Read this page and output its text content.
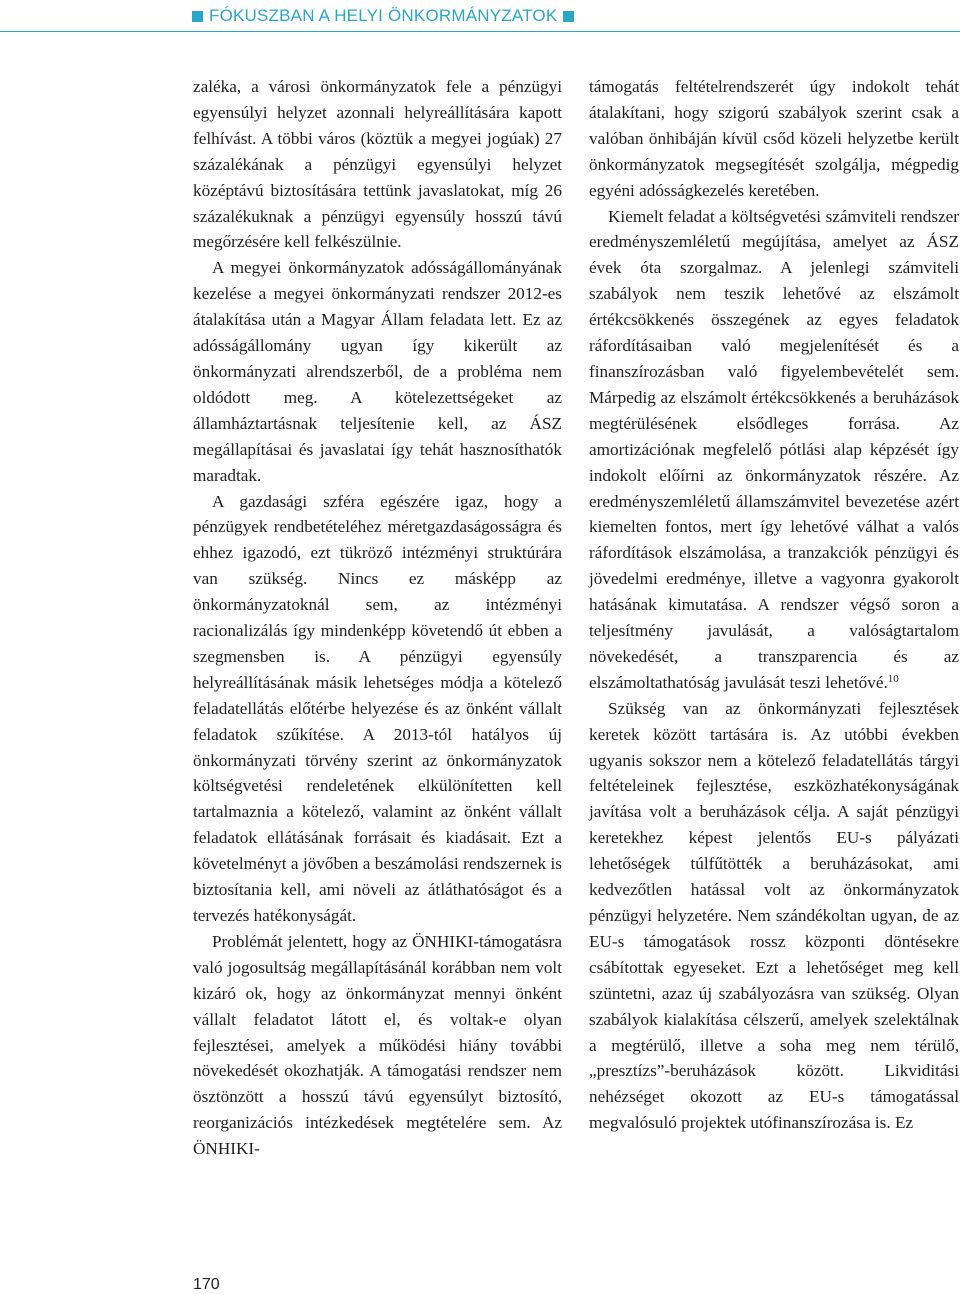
FÓKUSZBAN A HELYI ÖNKORMÁNYZATOK

zaléka, a városi önkormányzatok fele a pénzügyi egyensúlyi helyzet azonnali helyreállítására kapott felhívást. A többi város (köztük a megyei jogúak) 27 százalékának a pénzügyi egyensúlyi helyzet középtávú biztosítására tettünk javaslatokat, míg 26 százalékuknak a pénzügyi egyensúly hosszú távú megőrzésére kell felkészülnie.

A megyei önkormányzatok adósságállományának kezelése a megyei önkormányzati rendszer 2012-es átalakítása után a Magyar Állam feladata lett. Ez az adósságállomány ugyan így kikerült az önkormányzati alrendszerből, de a probléma nem oldódott meg. A kötelezettségeket az államháztartásnak teljesítenie kell, az ÁSZ megállapításai és javaslatai így tehát hasznosíthatók maradtak.

A gazdasági szféra egészére igaz, hogy a pénzügyek rendbetételéhez méretgazdaságosságra és ehhez igazodó, ezt tükröző intézményi struktúrára van szükség. Nincs ez másképp az önkormányzatoknál sem, az intézményi racionalizálás így mindenképp követendő út ebben a szegmensben is. A pénzügyi egyensúly helyreállításának másik lehetséges módja a kötelező feladatellátás előtérbe helyezése és az önként vállalt feladatok szűkítése. A 2013-tól hatályos új önkormányzati törvény szerint az önkormányzatok költségvetési rendeletének elkülönítetten kell tartalmaznia a kötelező, valamint az önként vállalt feladatok ellátásának forrásait és kiadásait. Ezt a követelményt a jövőben a beszámolási rendszernek is biztosítania kell, ami növeli az átláthatóságot és a tervezés hatékonyságát.

Problémát jelentett, hogy az ÖNHIKI-támogatásra való jogosultság megállapításánál korábban nem volt kizáró ok, hogy az önkormányzat mennyi önként vállalt feladatot látott el, és voltak-e olyan fejlesztései, amelyek a működési hiány további növekedését okozhatják. A támogatási rendszer nem ösztönzött a hosszú távú egyensúlyt biztosító, reorganizációs intézkedések megtételére sem. Az ÖNHIKI-

támogatás feltételrendszerét úgy indokolt tehát átalakítani, hogy szigorú szabályok szerint csak a valóban önhibáján kívül csőd közeli helyzetbe került önkormányzatok megsegítését szolgálja, mégpedig egyéni adósságkezelés keretében.

Kiemelt feladat a költségvetési számviteli rendszer eredményszemléletű megújítása, amelyet az ÁSZ évek óta szorgalmaz. A jelenlegi számviteli szabályok nem teszik lehetővé az elszámolt értékcsökkenés összegének az egyes feladatok ráfordításaiban való megjelenítését és a finanszírozásban való figyelembevételét sem. Márpedig az elszámolt értékcsökkenés a beruházások megtérülésének elsődleges forrása. Az amortizációnak megfelelő pótlási alap képzését így indokolt előírni az önkormányzatok részére. Az eredményszemléletű államszámvitel bevezetése azért kiemelten fontos, mert így lehetővé válhat a valós ráfordítások elszámolása, a tranzakciók pénzügyi és jövedelmi eredménye, illetve a vagyonra gyakorolt hatásának kimutatása. A rendszer végső soron a teljesítmény javulását, a valóságtartalom növekedését, a transzparencia és az elszámoltathatóság javulását teszi lehetővé.$^{10}$

Szükség van az önkormányzati fejlesztések keretek között tartására is. Az utóbbi években ugyanis sokszor nem a kötelező feladatellátás tárgyi feltételeinek fejlesztése, eszközhatékonyságának javítása volt a beruházások célja. A saját pénzügyi keretekhez képest jelentős EU-s pályázati lehetőségek túlfűtötték a beruházásokat, ami kedvezőtlen hatással volt az önkormányzatok pénzügyi helyzetére. Nem szándékoltan ugyan, de az EU-s támogatások rossz központi döntésekre csábítottak egyeseket. Ezt a lehetőséget meg kell szüntetni, azaz új szabályozásra van szükség. Olyan szabályok kialakítása célszerű, amelyek szelektálnak a megtérülő, illetve a soha meg nem térülő, „presztízs”-beruházások között. Likviditási nehézséget okozott az EU-s támogatással megvalósuló projektek utófinanszírozása is. Ez

170
